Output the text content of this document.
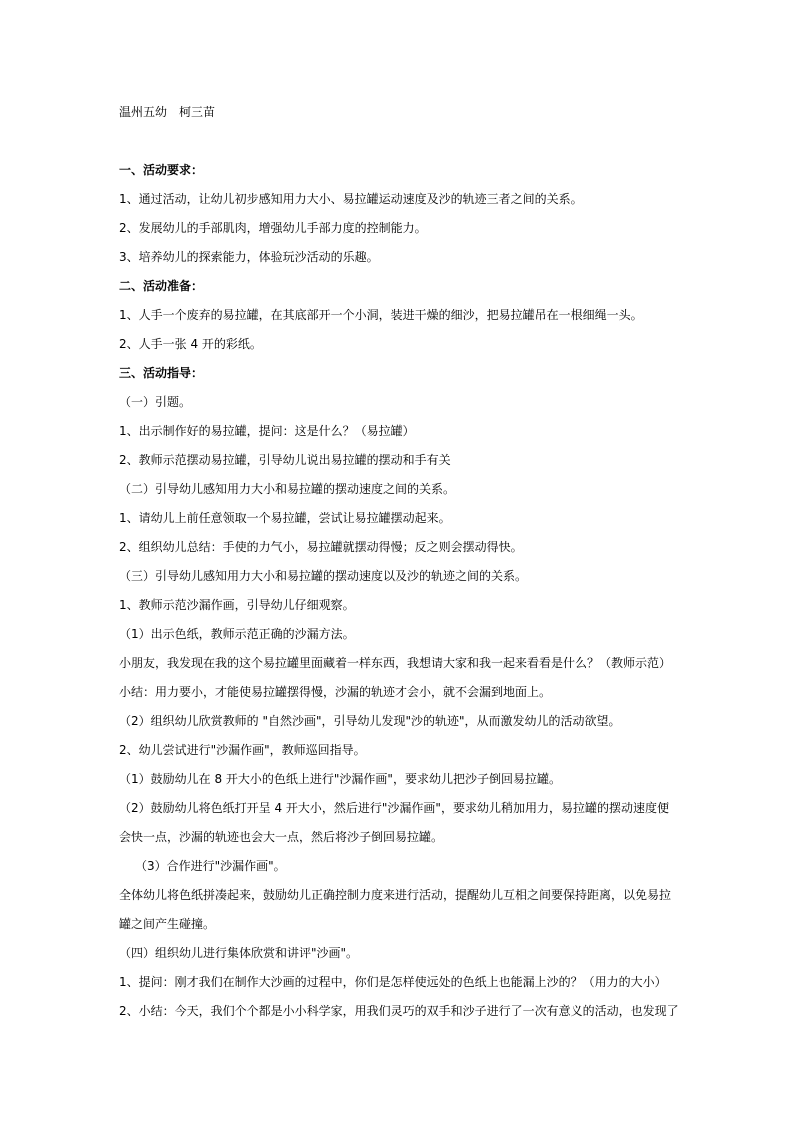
温州五幼　柯三苗
一、活动要求：
1、通过活动，让幼儿初步感知用力大小、易拉罐运动速度及沙的轨迹三者之间的关系。
2、发展幼儿的手部肌肉，增强幼儿手部力度的控制能力。
3、培养幼儿的探索能力，体验玩沙活动的乐趣。
二、活动准备：
1、人手一个废弃的易拉罐，在其底部开一个小洞，装进干燥的细沙，把易拉罐吊在一根细绳一头。
2、人手一张 4 开的彩纸。
三、活动指导：
（一）引题。
1、出示制作好的易拉罐，提问：这是什么？（易拉罐）
2、教师示范摆动易拉罐，引导幼儿说出易拉罐的摆动和手有关
（二）引导幼儿感知用力大小和易拉罐的摆动速度之间的关系。
1、请幼儿上前任意领取一个易拉罐，尝试让易拉罐摆动起来。
2、组织幼儿总结：手使的力气小，易拉罐就摆动得慢；反之则会摆动得快。
（三）引导幼儿感知用力大小和易拉罐的摆动速度以及沙的轨迹之间的关系。
1、教师示范沙漏作画，引导幼儿仔细观察。
（1）出示色纸，教师示范正确的沙漏方法。
小朋友，我发现在我的这个易拉罐里面藏着一样东西，我想请大家和我一起来看看是什么？（教师示范）
小结：用力要小，才能使易拉罐摆得慢，沙漏的轨迹才会小，就不会漏到地面上。
（2）组织幼儿欣赏教师的 "自然沙画"，引导幼儿发现"沙的轨迹"，从而激发幼儿的活动欲望。
2、幼儿尝试进行"沙漏作画"，教师巡回指导。
（1）鼓励幼儿在 8 开大小的色纸上进行"沙漏作画"，要求幼儿把沙子倒回易拉罐。
（2）鼓励幼儿将色纸打开呈 4 开大小，然后进行"沙漏作画"，要求幼儿稍加用力，易拉罐的摆动速度便
会快一点，沙漏的轨迹也会大一点，然后将沙子倒回易拉罐。
（3）合作进行"沙漏作画"。
全体幼儿将色纸拼凑起来，鼓励幼儿正确控制力度来进行活动，提醒幼儿互相之间要保持距离，以免易拉
罐之间产生碰撞。
（四）组织幼儿进行集体欣赏和讲评"沙画"。
1、提问：刚才我们在制作大沙画的过程中，你们是怎样使远处的色纸上也能漏上沙的？（用力的大小）
2、小结：今天，我们个个都是小小科学家，用我们灵巧的双手和沙子进行了一次有意义的活动，也发现了
